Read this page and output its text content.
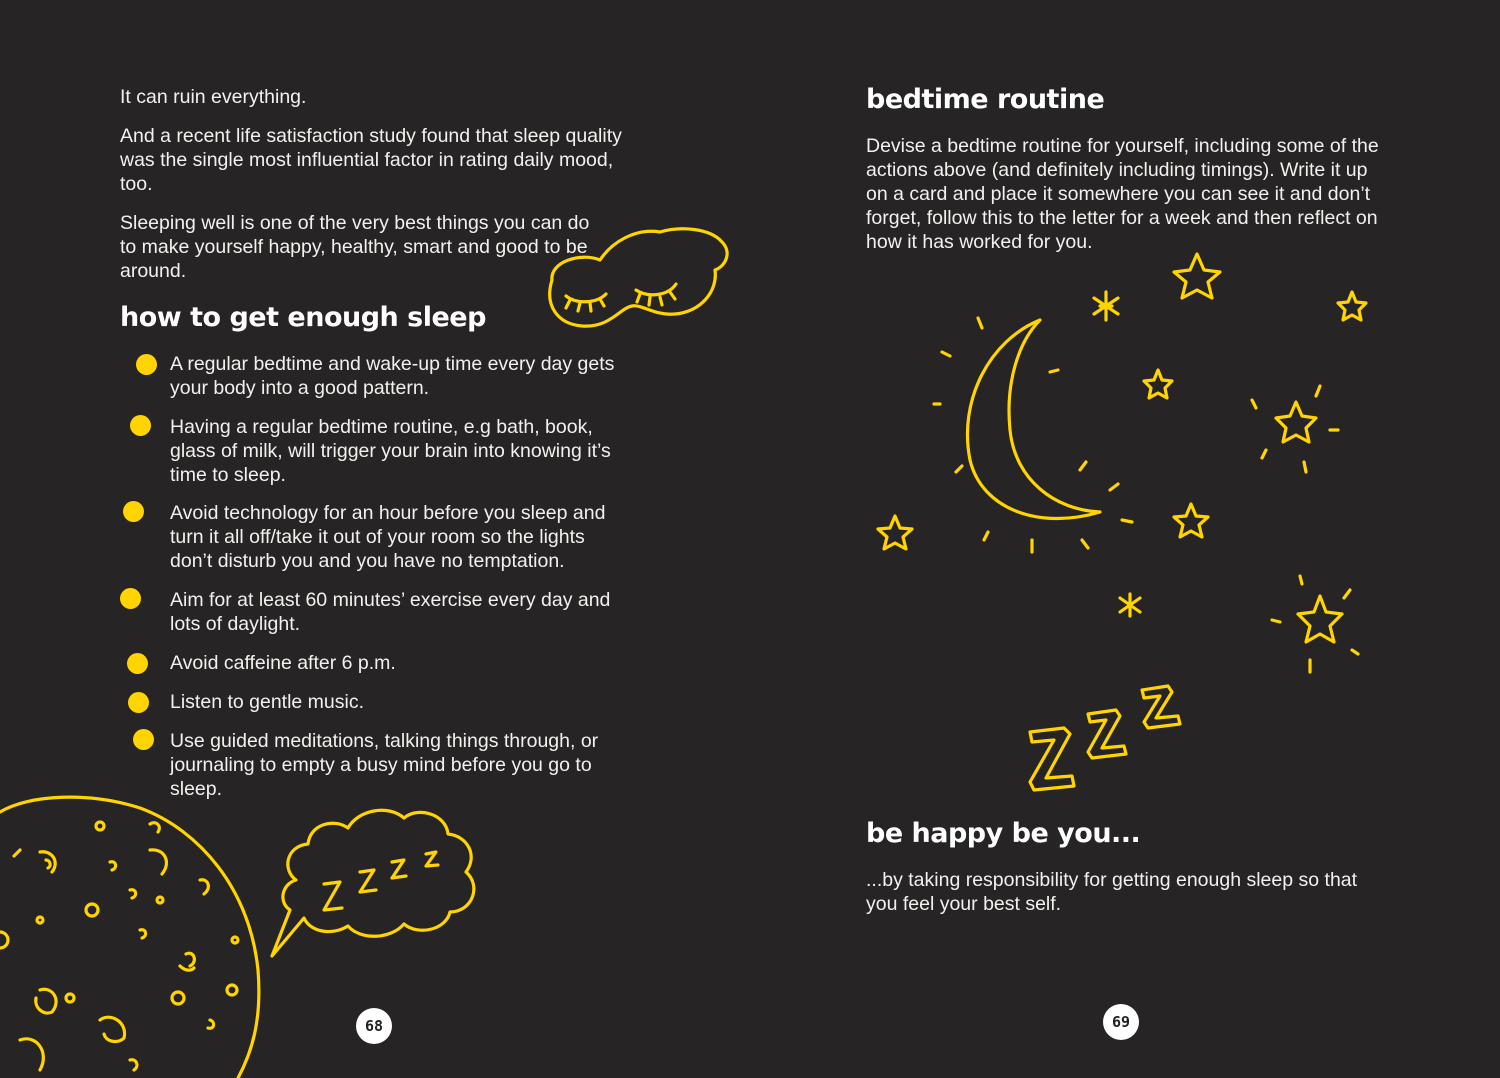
It can ruin everything.

And a recent life satisfaction study found that sleep quality was the single most influential factor in rating daily mood, too.

Sleeping well is one of the very best things you can do to make yourself happy, healthy, smart and good to be around.

how to get enough sleep
A regular bedtime and wake-up time every day gets your body into a good pattern.
Having a regular bedtime routine, e.g bath, book, glass of milk, will trigger your brain into knowing it’s time to sleep.
Avoid technology for an hour before you sleep and turn it all off/take it out of your room so the lights don’t disturb you and you have no temptation.
Aim for at least 60 minutes’ exercise every day and lots of daylight.
Avoid caffeine after 6 p.m.
Listen to gentle music.
Use guided meditations, talking things through, or journaling to empty a busy mind before you go to sleep.
68
bedtime routine

Devise a bedtime routine for yourself, including some of the actions above (and definitely including timings). Write it up on a card and place it somewhere you can see it and don’t forget, follow this to the letter for a week and then reflect on how it has worked for you.

be happy be you...

...by taking responsibility for getting enough sleep so that you feel your best self.

69
